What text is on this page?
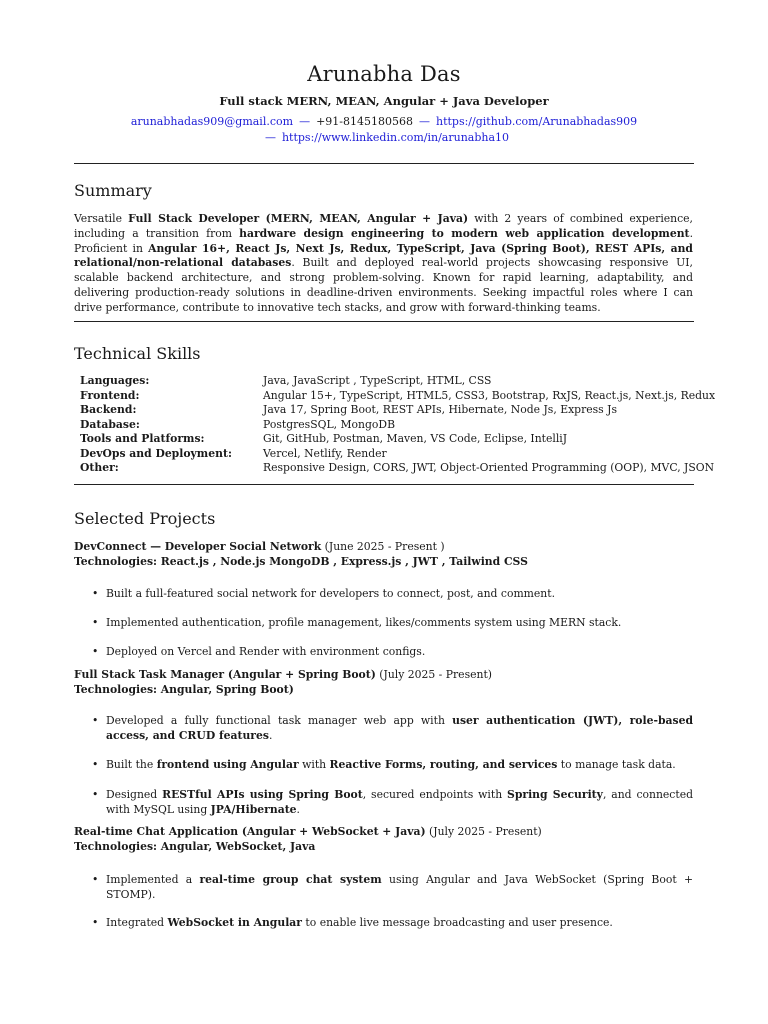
Arunabha Das
Full stack MERN, MEAN, Angular + Java Developer
arunabhadas909@gmail.com — +91-8145180568 — https://github.com/Arunabhadas909
— https://www.linkedin.com/in/arunabha10
Summary
Versatile Full Stack Developer (MERN, MEAN, Angular + Java) with 2 years of combined experience, including a transition from hardware design engineering to modern web application development. Proficient in Angular 16+, React Js, Next Js, Redux, TypeScript, Java (Spring Boot), REST APIs, and relational/non-relational databases. Built and deployed real-world projects showcasing responsive UI, scalable backend architecture, and strong problem-solving. Known for rapid learning, adaptability, and delivering production-ready solutions in deadline-driven environments. Seeking impactful roles where I can drive performance, contribute to innovative tech stacks, and grow with forward-thinking teams.
Technical Skills
Languages:	Java, JavaScript , TypeScript, HTML, CSS
Frontend:	Angular 15+, TypeScript, HTML5, CSS3, Bootstrap, RxJS, React.js, Next.js, Redux
Backend:	Java 17, Spring Boot, REST APIs, Hibernate, Node Js, Express Js
Database:	PostgresSQL, MongoDB
Tools and Platforms:	Git, GitHub, Postman, Maven, VS Code, Eclipse, IntelliJ
DevOps and Deployment:	Vercel, Netlify, Render
Other:	Responsive Design, CORS, JWT, Object-Oriented Programming (OOP), MVC, JSON
Selected Projects
DevConnect — Developer Social Network (June 2025 - Present )
Technologies: React.js , Node.js MongoDB , Express.js , JWT , Tailwind CSS
• Built a full-featured social network for developers to connect, post, and comment.
• Implemented authentication, profile management, likes/comments system using MERN stack.
• Deployed on Vercel and Render with environment configs.
Full Stack Task Manager (Angular + Spring Boot) (July 2025 - Present)
Technologies: Angular, Spring Boot)
• Developed a fully functional task manager web app with user authentication (JWT), role-based access, and CRUD features.
• Built the frontend using Angular with Reactive Forms, routing, and services to manage task data.
• Designed RESTful APIs using Spring Boot, secured endpoints with Spring Security, and connected with MySQL using JPA/Hibernate.
Real-time Chat Application (Angular + WebSocket + Java) (July 2025 - Present)
Technologies: Angular, WebSocket, Java
• Implemented a real-time group chat system using Angular and Java WebSocket (Spring Boot + STOMP).
• Integrated WebSocket in Angular to enable live message broadcasting and user presence.
